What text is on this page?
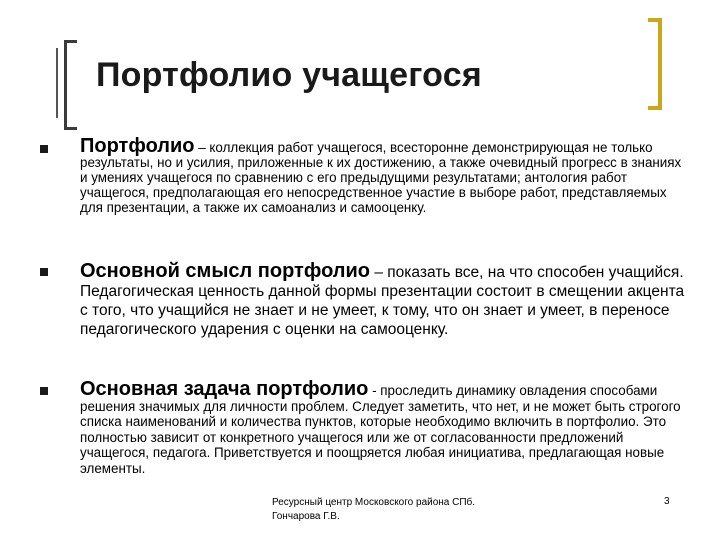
Портфолио учащегося
Портфолио – коллекция работ учащегося, всесторонне демонстрирующая не только результаты, но и усилия, приложенные к их достижению, а также очевидный прогресс в знаниях и умениях учащегося по сравнению с его предыдущими результатами; антология работ учащегося, предполагающая его непосредственное участие в выборе работ, представляемых для презентации, а также их самоанализ и самооценку.
Основной смысл портфолио – показать все, на что способен учащийся. Педагогическая ценность данной формы презентации состоит в смещении акцента с того, что учащийся не знает и не умеет, к тому, что он знает и умеет, в переносе педагогического ударения с оценки на самооценку.
Основная задача портфолио - проследить динамику овладения способами решения значимых для личности проблем. Следует заметить, что нет, и не может быть строгого списка наименований и количества пунктов, которые необходимо включить в портфолио. Это полностью зависит от конкретного учащегося или же от согласованности предложений учащегося, педагога. Приветствуется и поощряется любая инициатива, предлагающая новые элементы.
Ресурсный центр Московского района СПб.
Гончарова Г.В.
3
